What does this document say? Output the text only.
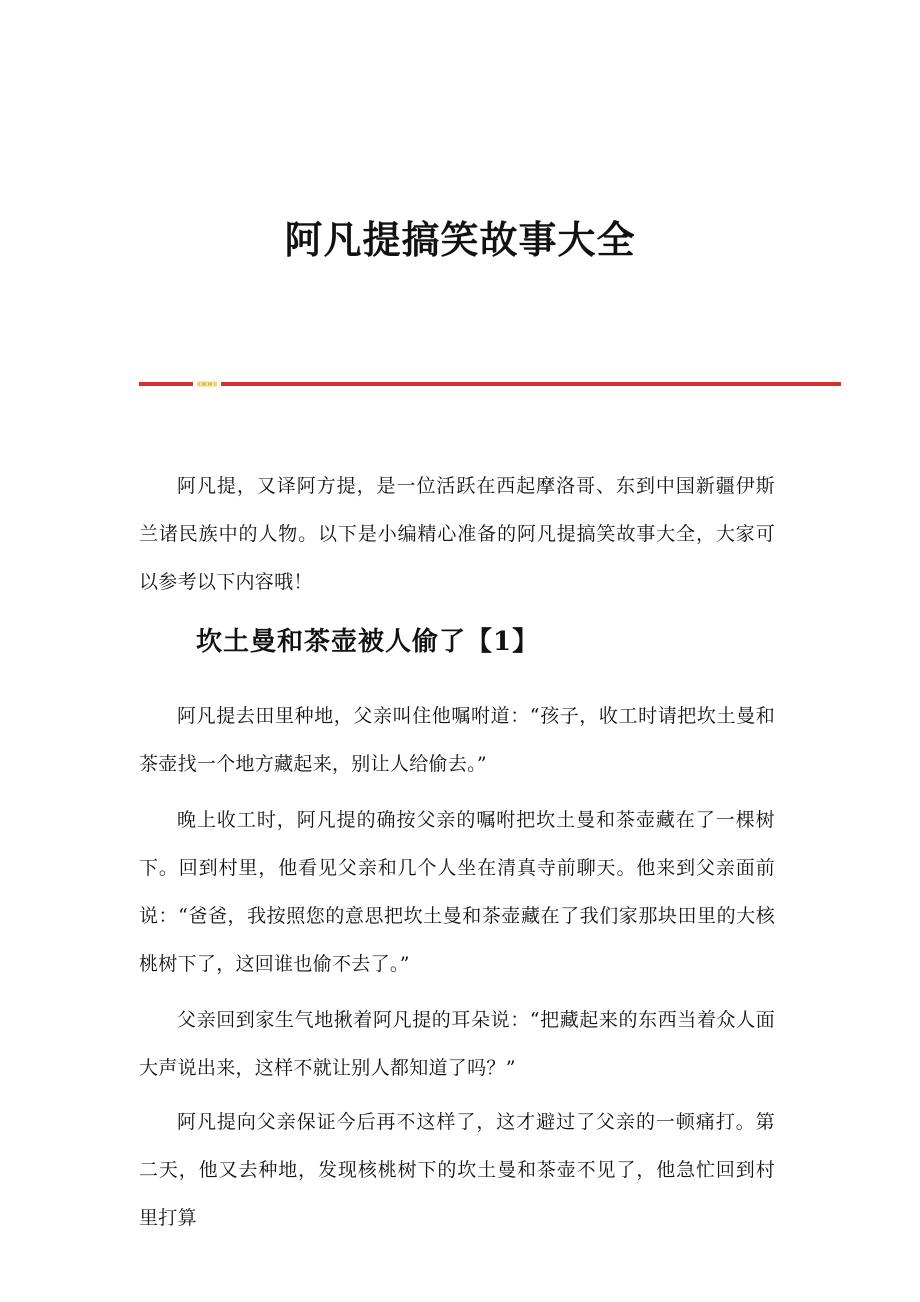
阿凡提搞笑故事大全

阿凡提，又译阿方提，是一位活跃在西起摩洛哥、东到中国新疆伊斯兰诸民族中的人物。以下是小编精心准备的阿凡提搞笑故事大全，大家可以参考以下内容哦！

坎土曼和茶壶被人偷了【1】

阿凡提去田里种地，父亲叫住他嘱咐道：“孩子，收工时请把坎土曼和茶壶找一个地方藏起来，别让人给偷去。”

晚上收工时，阿凡提的确按父亲的嘱咐把坎土曼和茶壶藏在了一棵树下。回到村里，他看见父亲和几个人坐在清真寺前聊天。他来到父亲面前说：“爸爸，我按照您的意思把坎土曼和茶壶藏在了我们家那块田里的大核桃树下了，这回谁也偷不去了。”

父亲回到家生气地揪着阿凡提的耳朵说：“把藏起来的东西当着众人面大声说出来，这样不就让别人都知道了吗？”

阿凡提向父亲保证今后再不这样了，这才避过了父亲的一顿痛打。第二天，他又去种地，发现核桃树下的坎土曼和茶壶不见了，他急忙回到村里打算
